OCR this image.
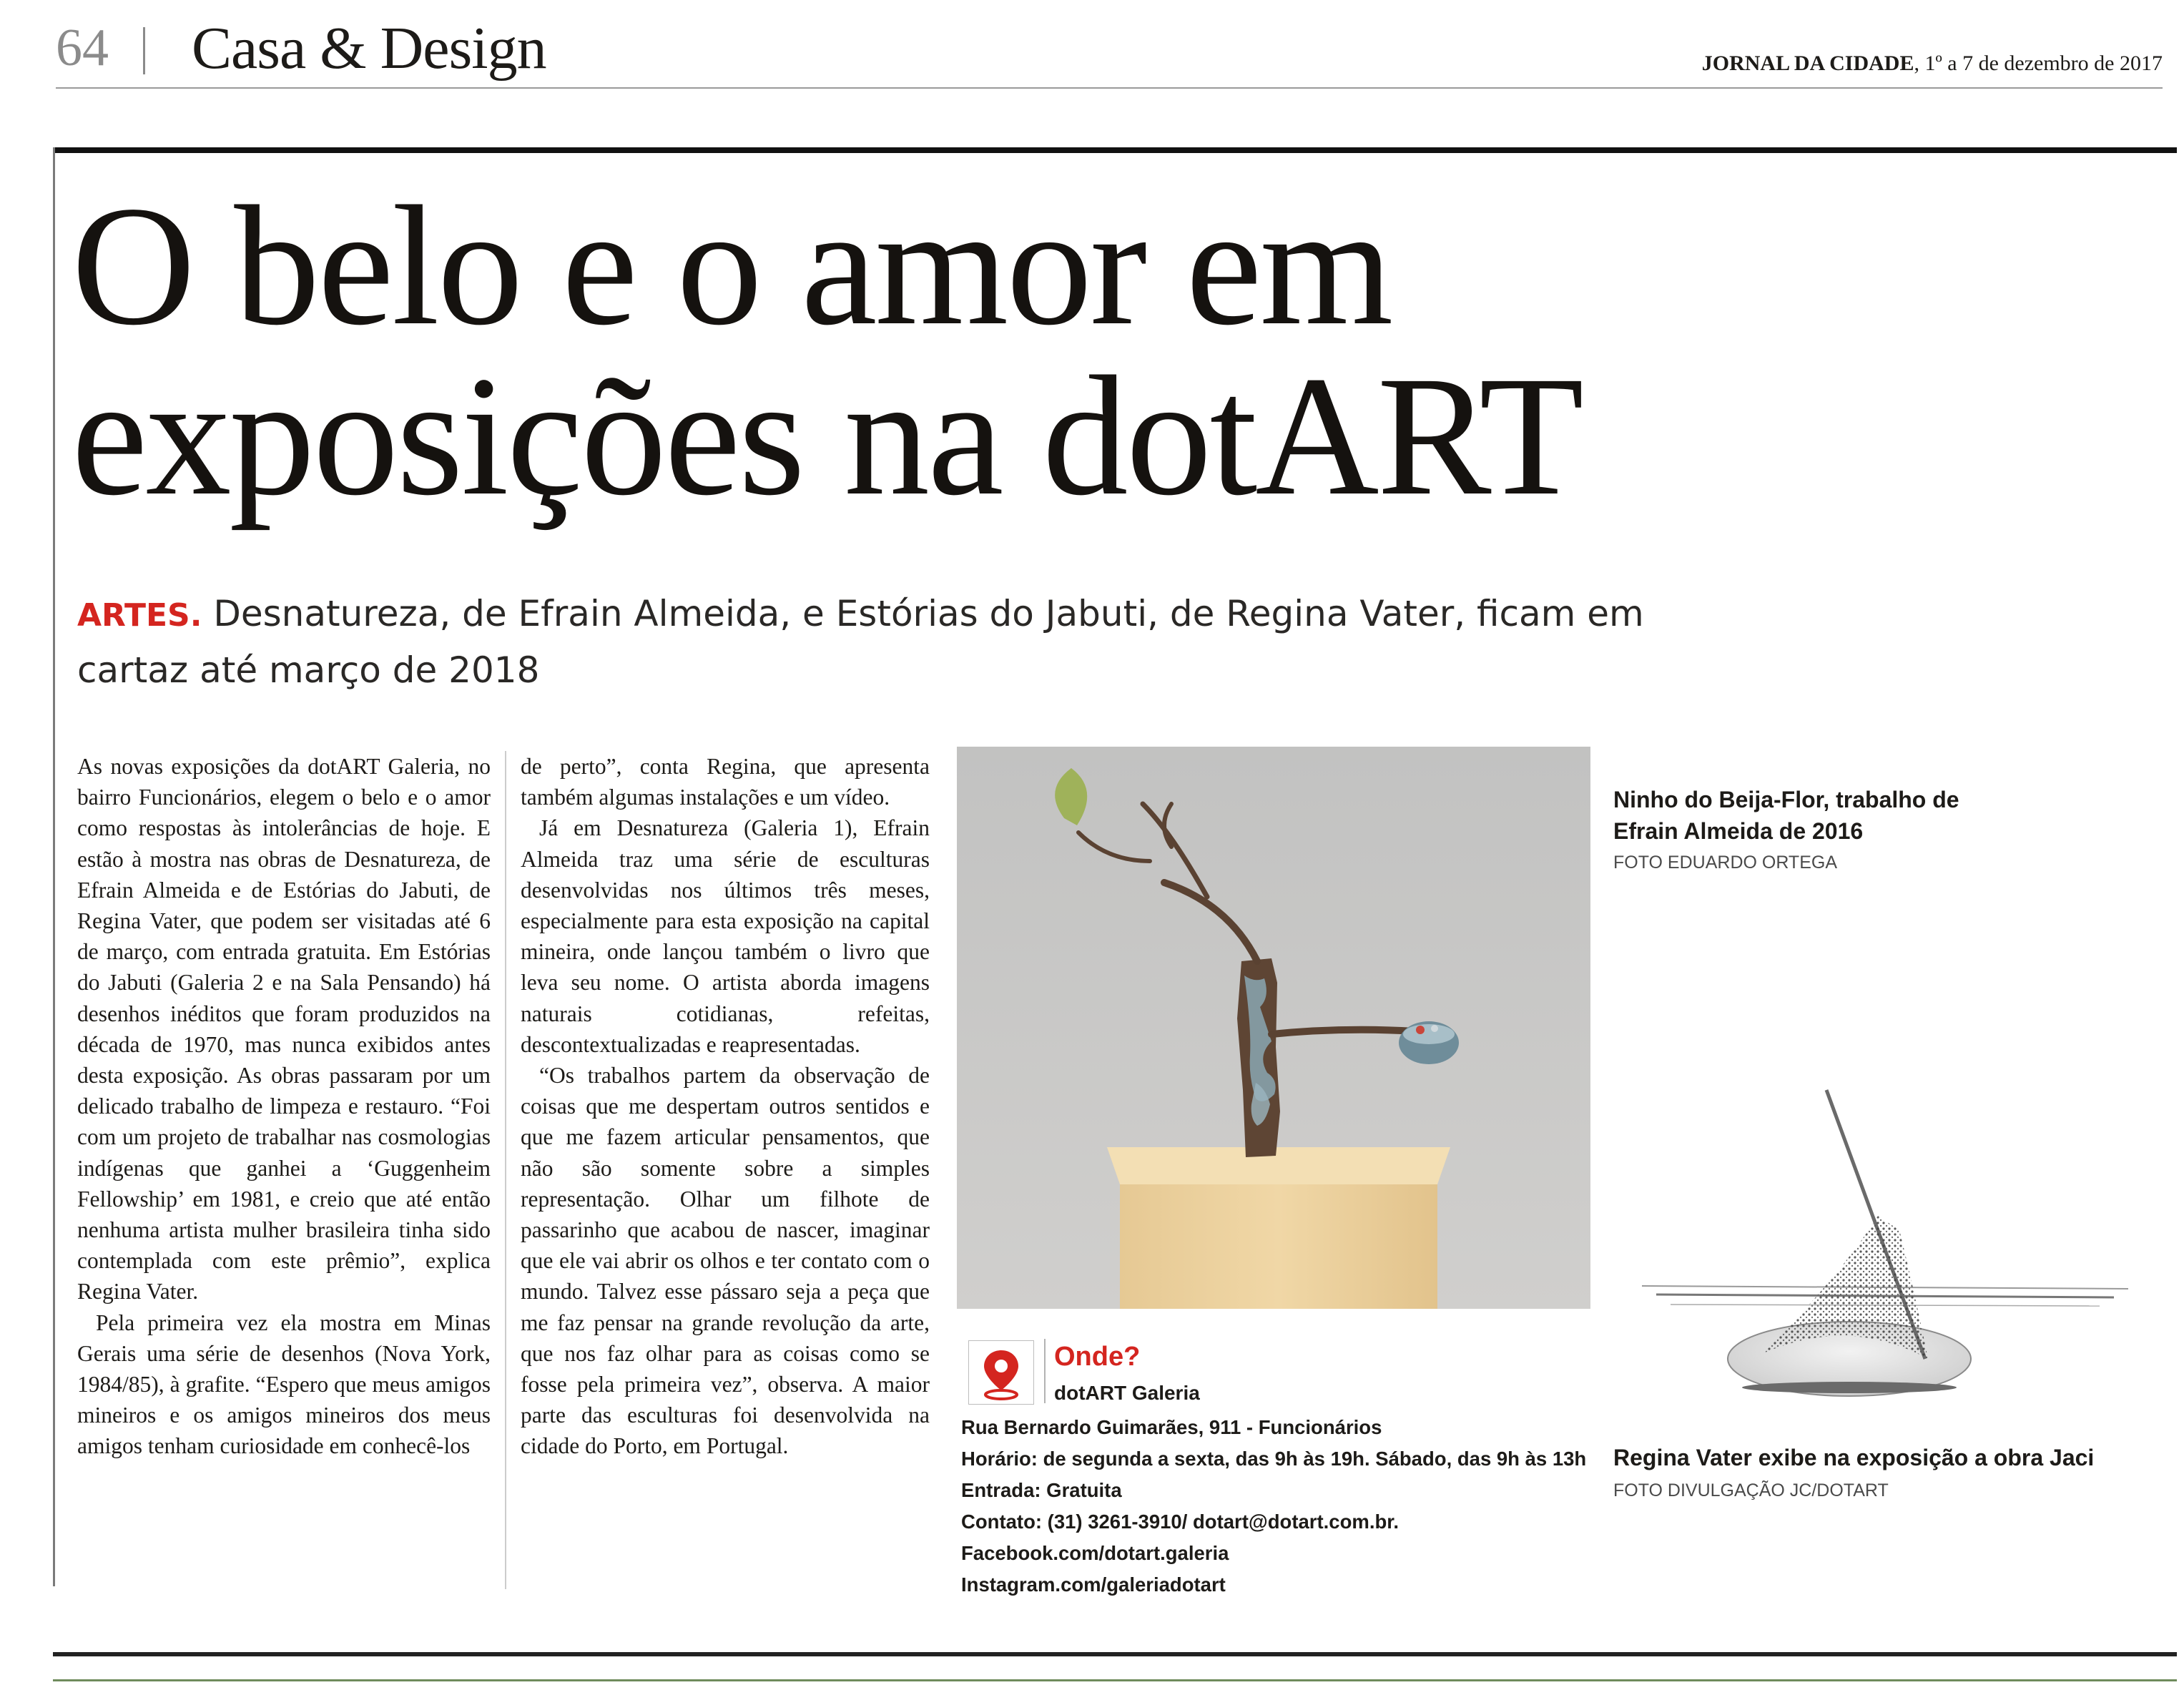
64 Casa & Design	JORNAL DA CIDADE, 1º a 7 de dezembro de 2017
O belo e o amor em
exposições na dotART
ARTES. Desnatureza, de Efrain Almeida, e Estórias do Jabuti, de Regina Vater, ficam em cartaz até março de 2018

As novas exposições da dotART Galeria, no bairro Funcionários, elegem o belo e o amor como respostas às intolerâncias de hoje. E estão à mostra nas obras de Desnatureza, de Efrain Almeida e de Estórias do Jabuti, de Regina Vater, que podem ser visitadas até 6 de março, com entrada gratuita. Em Estórias do Jabuti (Galeria 2 e na Sala Pensando) há desenhos inéditos que foram produzidos na década de 1970, mas nunca exibidos antes desta exposição. As obras passaram por um delicado trabalho de limpeza e restauro. “Foi com um projeto de trabalhar nas cosmologias indígenas que ganhei a ‘Guggenheim Fellowship’ em 1981, e creio que até então nenhuma artista mulher brasileira tinha sido contemplada com este prêmio”, explica Regina Vater.

Pela primeira vez ela mostra em Minas Gerais uma série de desenhos (Nova York, 1984/85), à grafite. “Espero que meus amigos mineiros e os amigos mineiros dos meus amigos tenham curiosidade em conhecê-los

de perto”, conta Regina, que apresenta também algumas instalações e um vídeo.

Já em Desnatureza (Galeria 1), Efrain Almeida traz uma série de esculturas desenvolvidas nos últimos três meses, especialmente para esta exposição na capital mineira, onde lançou também o livro que leva seu nome. O artista aborda imagens naturais cotidianas, refeitas, descontextualizadas e reapresentadas.

“Os trabalhos partem da observação de coisas que me despertam outros sentidos e que me fazem articular pensamentos, que não são somente sobre a simples representação. Olhar um filhote de passarinho que acabou de nascer, imaginar que ele vai abrir os olhos e ter contato com o mundo. Talvez esse pássaro seja a peça que me faz pensar na grande revolução da arte, que nos faz olhar para as coisas como se fosse pela primeira vez”, observa. A maior parte das esculturas foi desenvolvida na cidade do Porto, em Portugal.

Onde?
dotART Galeria
Rua Bernardo Guimarães, 911 - Funcionários
Horário: de segunda a sexta, das 9h às 19h. Sábado, das 9h às 13h
Entrada: Gratuita
Contato: (31) 3261-3910/ dotart@dotart.com.br.
Facebook.com/dotart.galeria
Instagram.com/galeriadotart
Ninho do Beija-Flor, trabalho de Efrain Almeida de 2016
FOTO EDUARDO ORTEGA
Regina Vater exibe na exposição a obra Jaci
FOTO DIVULGAÇÃO JC/DOTART
